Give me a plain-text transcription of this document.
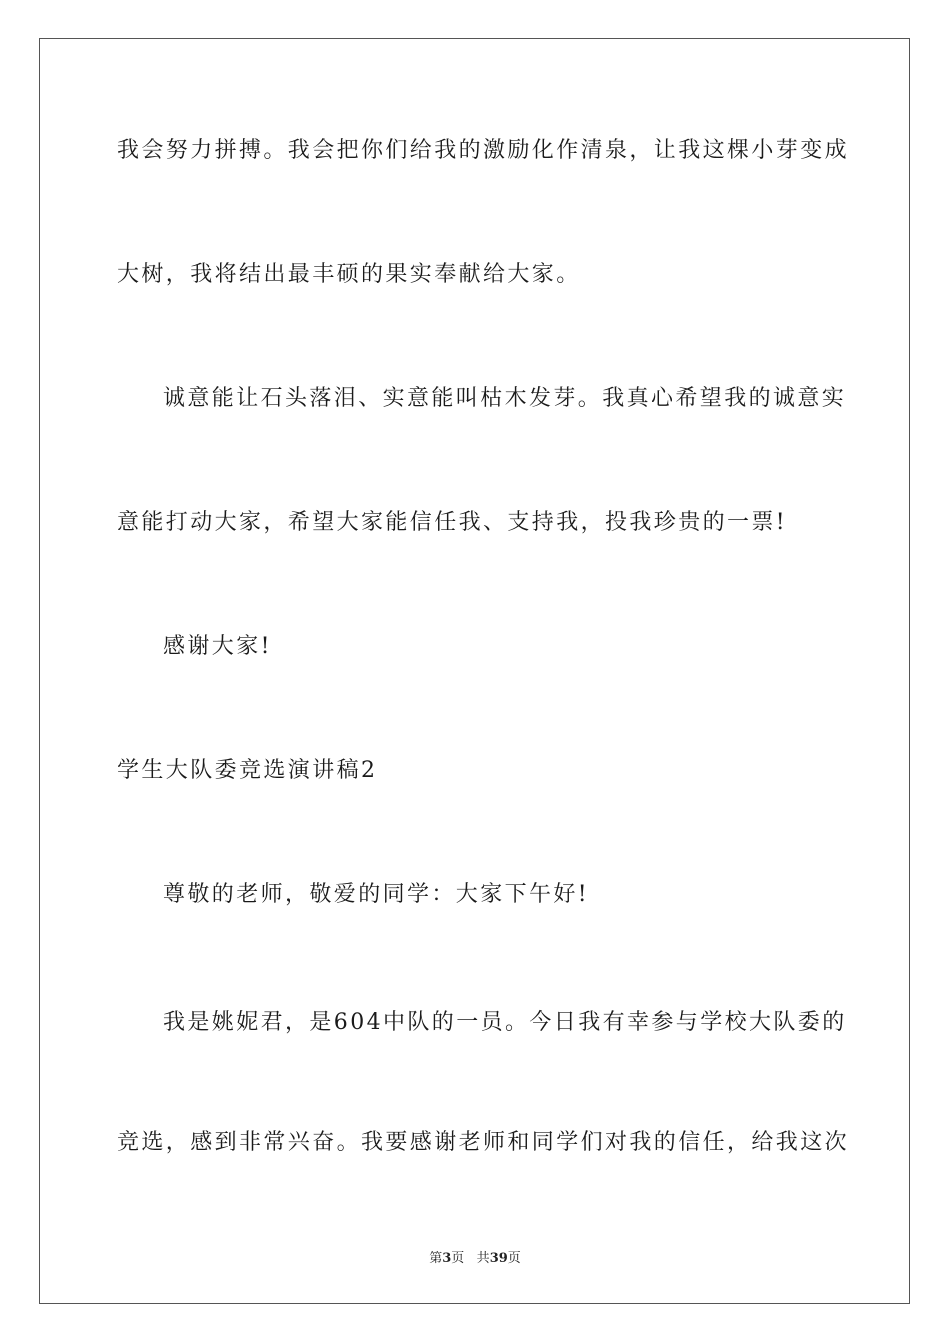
我会努力拼搏。我会把你们给我的激励化作清泉，让我这棵小芽变成
大树，我将结出最丰硕的果实奉献给大家。
诚意能让石头落泪、实意能叫枯木发芽。我真心希望我的诚意实
意能打动大家，希望大家能信任我、支持我，投我珍贵的一票!
感谢大家!
学生大队委竞选演讲稿2
尊敬的老师，敬爱的同学：大家下午好!
我是姚妮君，是604中队的一员。今日我有幸参与学校大队委的
竞选，感到非常兴奋。我要感谢老师和同学们对我的信任，给我这次
第3页 共39页
